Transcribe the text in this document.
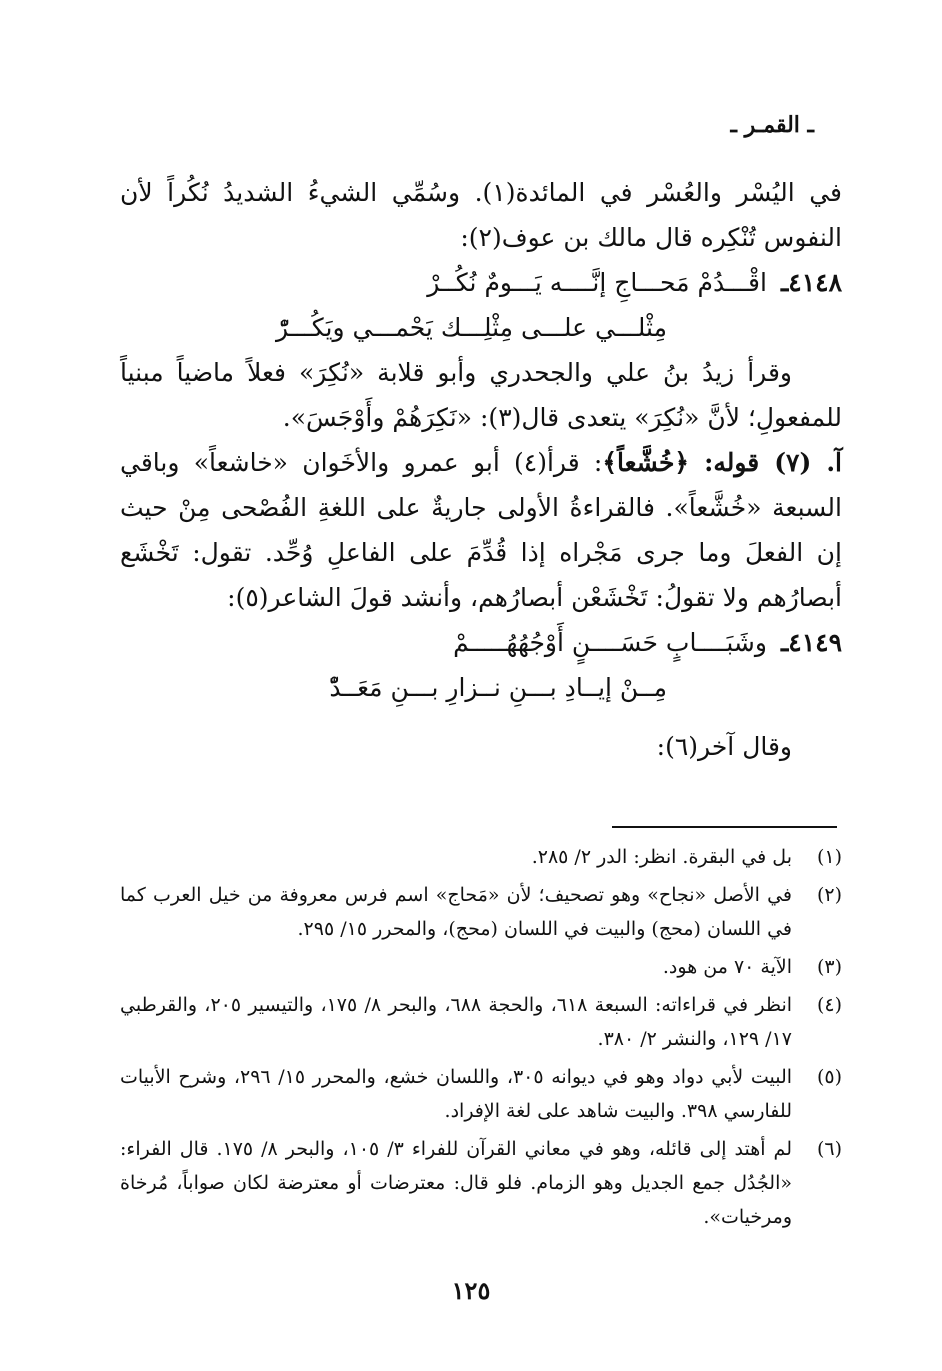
ـ القمـر ـ

في اليُسْر والعُسْر في المائدة(١). وسُمِّي الشيءُ الشديدُ نُكُراً لأن النفوس تُنْكِره قال مالك بن عوف(٢):

٤١٤٨ـ
اقْـــدُمْ مَحـــاجِ إنَّــــه يَـــومٌ نُكُــرْ
مِثْلـــي علـــى مِثْلِـــك يَحْمـــي ويَكُـــرّْ

وقرأ زيدُ بنُ علي والجحدري وأبو قلابة «نُكِرَ» فعلاً ماضياً مبنياً للمفعولِ؛ لأنَّ «نُكِرَ» يتعدى قال(٣): «نَكِرَهُمْ وأَوْجَسَ».

آ. (٧) قوله: ﴿خُشَّعاً﴾: قرأ(٤) أبو عمرو والأخَوان «خاشعاً» وباقي السبعة «خُشَّعاً». فالقراءةُ الأولى جاريةٌ على اللغةِ الفُصْحى مِنْ حيث إن الفعلَ وما جرى مَجْراه إذا قُدِّمَ على الفاعلِ وُحِّد. تقول: تَخْشَع أبصارُهم ولا تقولُ: تَخْشَعْن أبصارُهم، وأنشد قولَ الشاعر(٥):

٤١٤٩ـ
وشَبَــــابٍ حَسَــــنٍ أَوْجُهُهُـــــمْ
مِــنْ إيــادِ بـــنِ نــزارِ بـــنِ مَعَــدّْ

وقال آخر(٦):

(١)
بل في البقرة. انظر: الدر ٢/ ٢٨٥.
(٢)
في الأصل «نجاح» وهو تصحيف؛ لأن «مَحاج» اسم فرس معروفة من خيل العرب كما في اللسان (محج) والبيت في اللسان (محج)، والمحرر ١٥/ ٢٩٥.
(٣)
الآية ٧٠ من هود.
(٤)
انظر في قراءاته: السبعة ٦١٨، والحجة ٦٨٨، والبحر ٨/ ١٧٥، والتيسير ٢٠٥، والقرطبي ١٧/ ١٢٩، والنشر ٢/ ٣٨٠.
(٥)
البيت لأبي دواد وهو في ديوانه ٣٠٥، واللسان خشع، والمحرر ١٥/ ٢٩٦، وشرح الأبيات للفارسي ٣٩٨. والبيت شاهد على لغة الإفراد.
(٦)
لم أهتد إلى قائله، وهو في معاني القرآن للفراء ٣/ ١٠٥، والبحر ٨/ ١٧٥. قال الفراء: «الجُدُل جمع الجديل وهو الزمام. فلو قال: معترضات أو معترضة لكان صواباً، مُرخاة ومرخيات».
١٢٥
